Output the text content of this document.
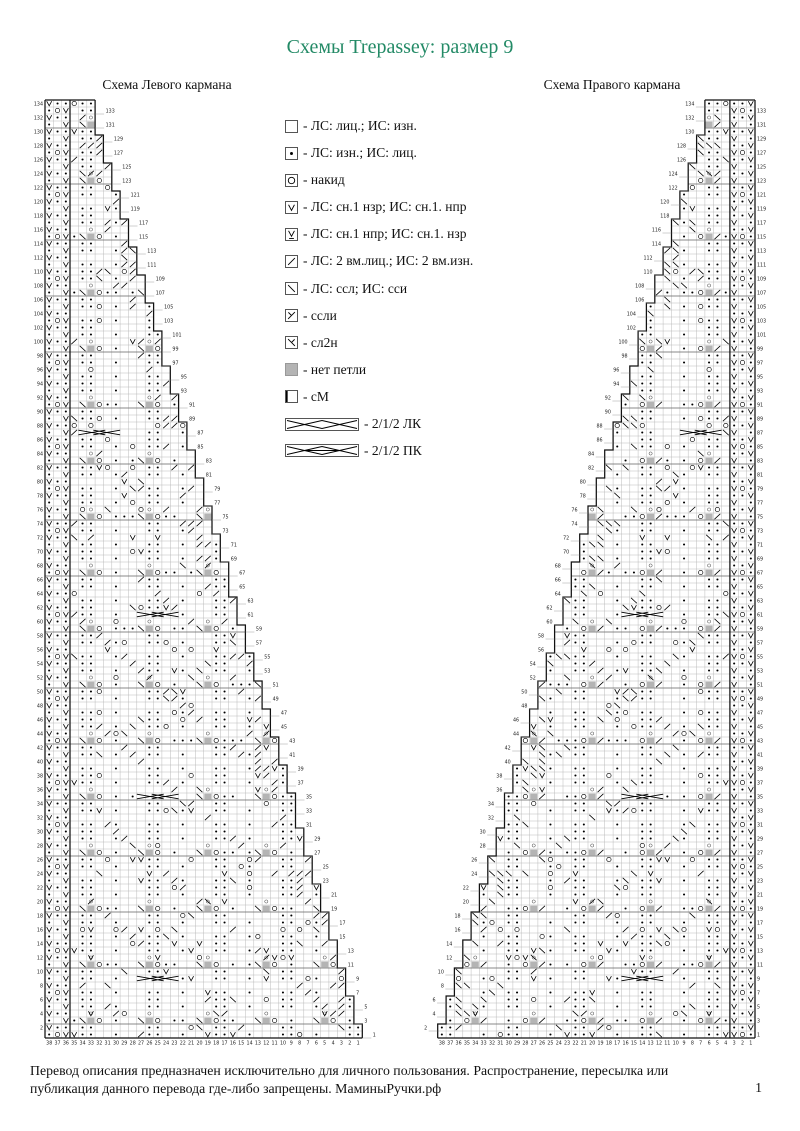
Схемы Trepassey: размер 9
Схема Левого кармана	Схема Правого кармана
- ЛС: лиц.; ИС: изн.
- ЛС: изн.; ИС: лиц.
- накид
- ЛС: сн.1 нзр; ИС: сн.1. нпр
- ЛС: сн.1 нпр; ИС: сн.1. нзр
- ЛС: 2 вм.лиц.; ИС: 2 вм.изн.
- ЛС: ссл; ИС: сси
- ссли
- сл2н
- нет петли
- сМ
- 2/1/2 ЛК
- 2/1/2 ПК
1
2
3
4
5
6
7
8
9
10
11
12
13
14
15
16
17
18
19
20
21
22
23
24
25
26
27
28
29
30
31
32
33
34
35
36
37
38
39
40
41
42
43
44
45
46
47
48
49
50
51
52
53
54
55
56
57
58
59
60
61
62
63
64
65
66
67
68
69
70
71
72
73
74
75
76
77
78
79
80
81
82
83
84
85
86
87
88
89
90
91
92
93
94
95
96
97
98
99
100
101
102
103
104
105
106
107
108
109
110
111
112
113
114
115
116
117
118
119
120
121
122
123
124
125
126
127
128
129
130
131
132
133
134
38 37 36 35 34 33 32 31 30 29 28 27 26 25 24 23 22 21 20 19 18 17 16 15 14 13 12 11 10 9 8 7 6 5 4 3 2 1
1
2
3
4
5
6
7
8
9
10
11
12
13
14
15
16
17
18
19
20
21
22
23
24
25
26
27
28
29
30
31
32
33
34
35
36
37
38
39
40
41
42
43
44
45
46
47
48
49
50
51
52
53
54
55
56
57
58
59
60
61
62
63
64
65
66
67
68
69
70
71
72
73
74
75
76
77
78
79
80
81
82
83
84
85
86
87
88
89
90
91
92
93
94
95
96
97
98
99
100
101
102
103
104
105
106
107
108
109
110
111
112
113
114
115
116
117
118
119
120
121
122
123
124
125
126
127
128
129
130
131
132
133
134
1
2
3
4
5
6
7
8
9
10
11
12
13
14
15
16
17
18
19
20
21
22
23
24
25
26
27
28
29
30
31
32
33
34
35
36
37
38
Перевод описания предназначен исключительно для личного пользования. Распространение, пересылка или публикация данного перевода где-либо запрещены. МаминыРучки.рф	1
